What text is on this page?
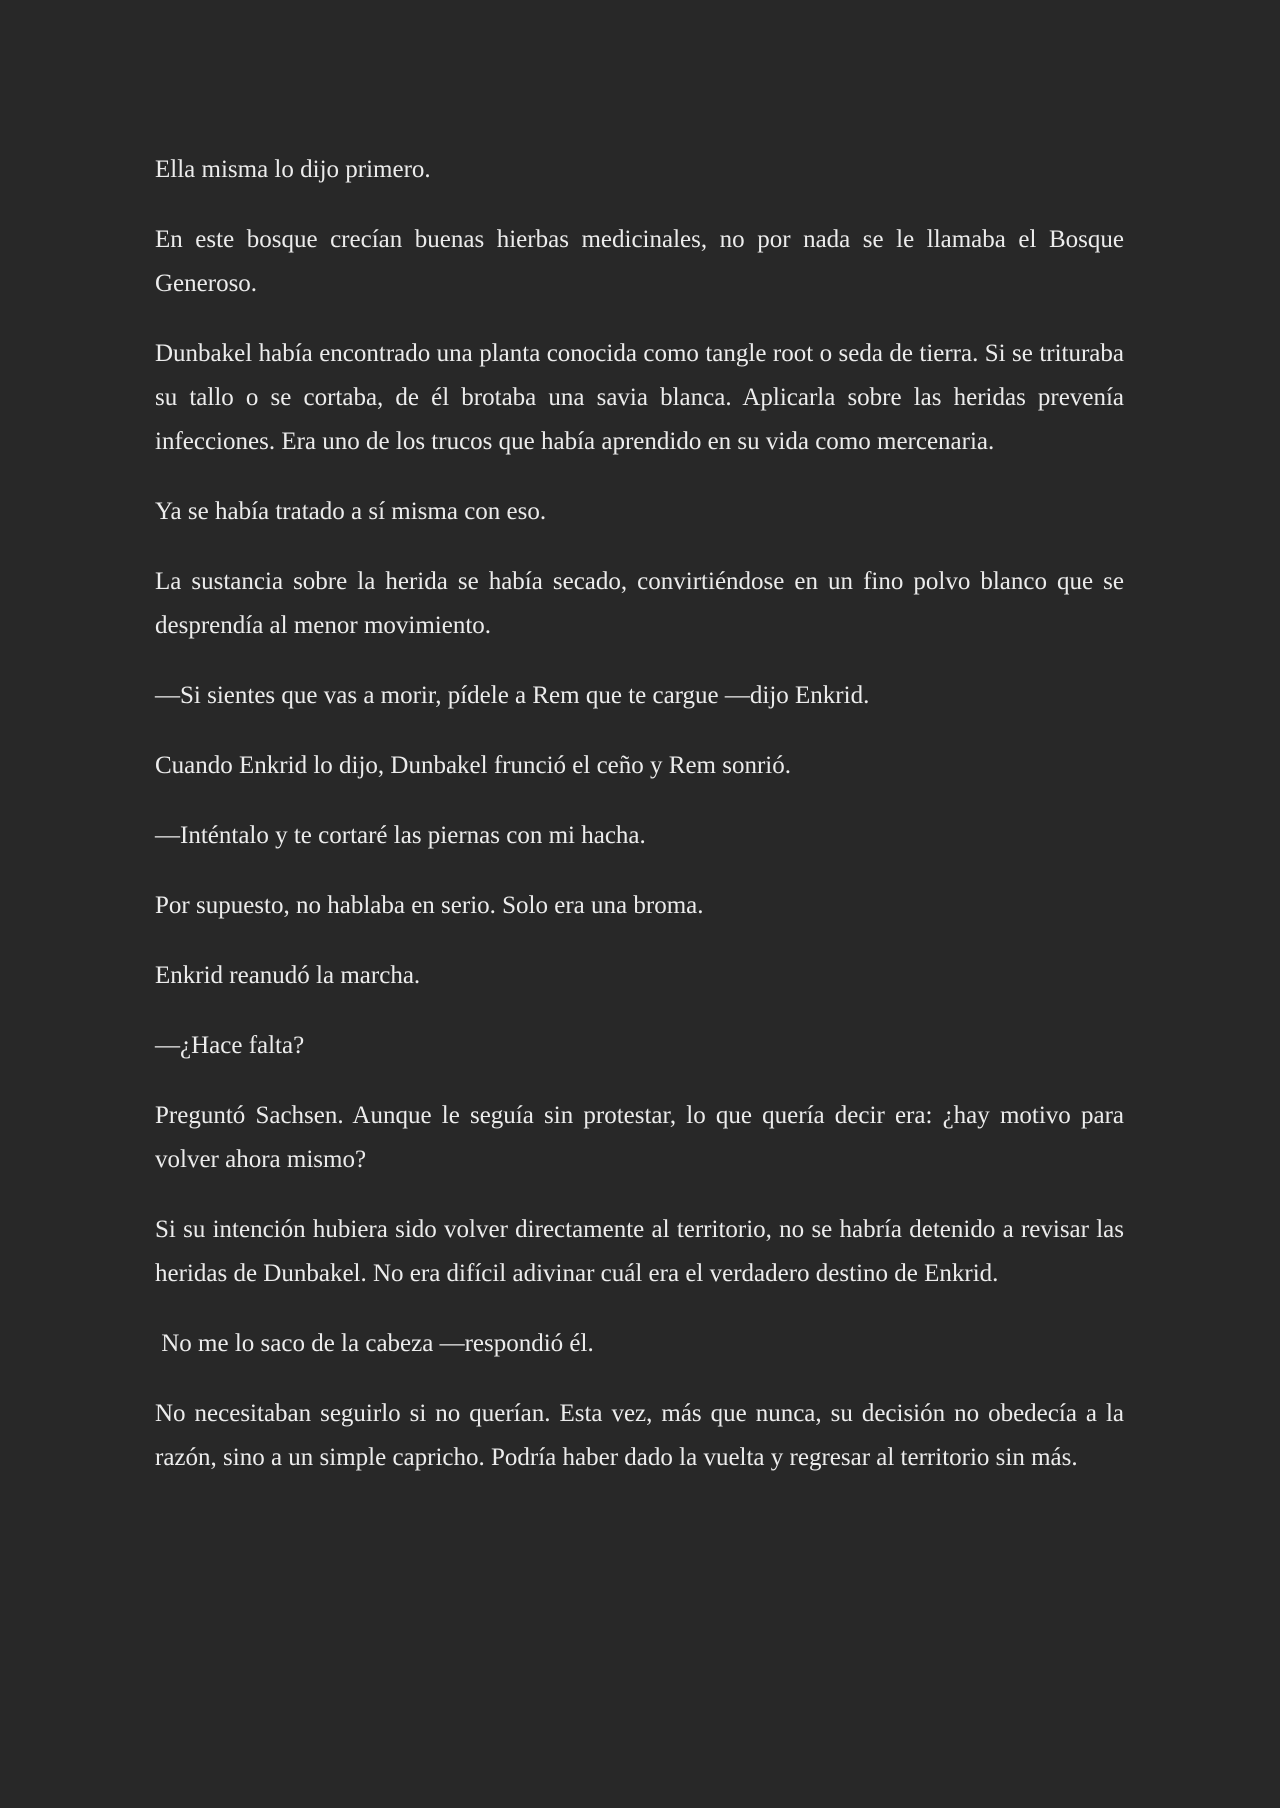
Ella misma lo dijo primero.

En este bosque crecían buenas hierbas medicinales, no por nada se le llamaba el Bosque Generoso.

Dunbakel había encontrado una planta conocida como tangle root o seda de tierra. Si se trituraba su tallo o se cortaba, de él brotaba una savia blanca. Aplicarla sobre las heridas prevenía infecciones. Era uno de los trucos que había aprendido en su vida como mercenaria.

Ya se había tratado a sí misma con eso.

La sustancia sobre la herida se había secado, convirtiéndose en un fino polvo blanco que se desprendía al menor movimiento.

—Si sientes que vas a morir, pídele a Rem que te cargue —dijo Enkrid.

Cuando Enkrid lo dijo, Dunbakel frunció el ceño y Rem sonrió.

—Inténtalo y te cortaré las piernas con mi hacha.

Por supuesto, no hablaba en serio. Solo era una broma.

Enkrid reanudó la marcha.

—¿Hace falta?

Preguntó Sachsen. Aunque le seguía sin protestar, lo que quería decir era: ¿hay motivo para volver ahora mismo?

Si su intención hubiera sido volver directamente al territorio, no se habría detenido a revisar las heridas de Dunbakel. No era difícil adivinar cuál era el verdadero destino de Enkrid.

No me lo saco de la cabeza —respondió él.

No necesitaban seguirlo si no querían. Esta vez, más que nunca, su decisión no obedecía a la razón, sino a un simple capricho. Podría haber dado la vuelta y regresar al territorio sin más.
